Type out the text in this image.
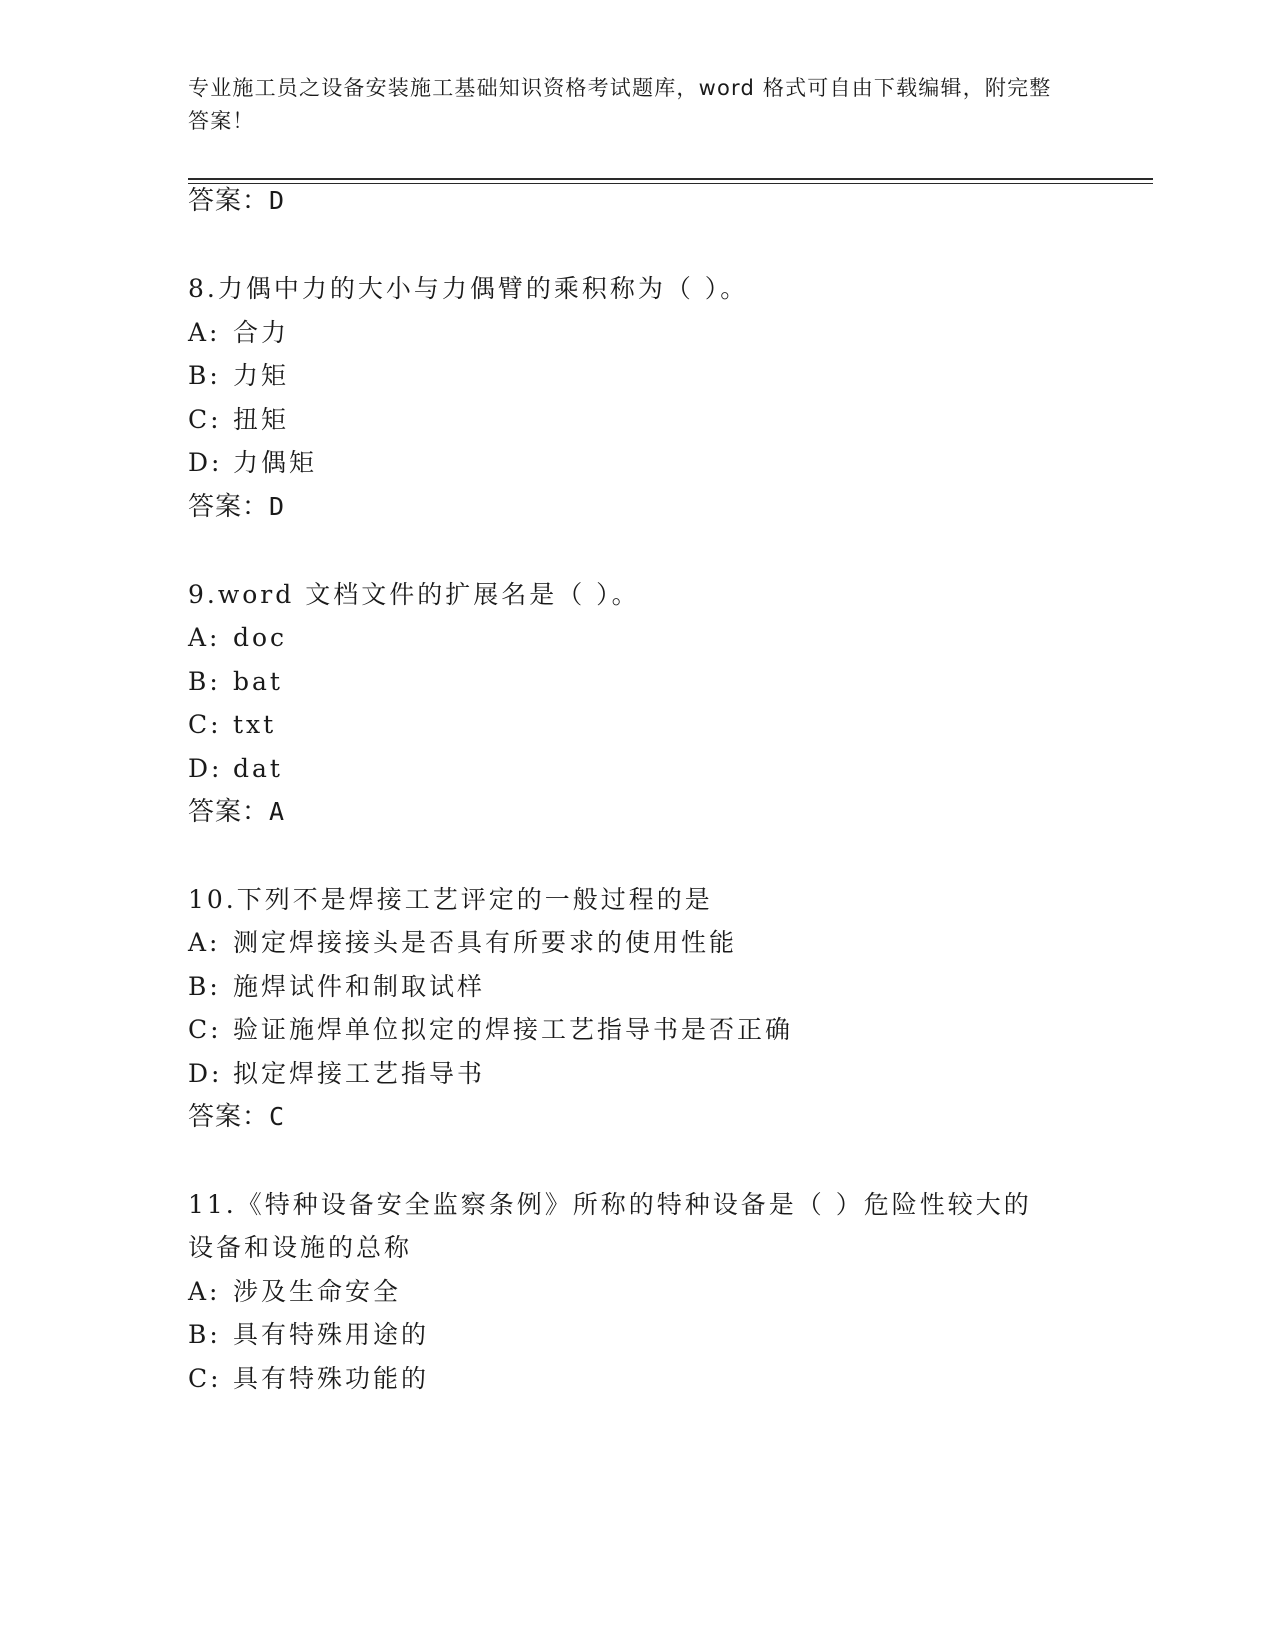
专业施工员之设备安装施工基础知识资格考试题库，word 格式可自由下载编辑，附完整答案！
答案：D
8.力偶中力的大小与力偶臂的乘积称为（ ）。
A: 合力
B: 力矩
C: 扭矩
D: 力偶矩
答案：D
9.word 文档文件的扩展名是（ ）。
A: doc
B: bat
C: txt
D: dat
答案：A
10.下列不是焊接工艺评定的一般过程的是
A: 测定焊接接头是否具有所要求的使用性能
B: 施焊试件和制取试样
C: 验证施焊单位拟定的焊接工艺指导书是否正确
D: 拟定焊接工艺指导书
答案：C
11.《特种设备安全监察条例》所称的特种设备是（ ）危险性较大的
设备和设施的总称
A: 涉及生命安全
B: 具有特殊用途的
C: 具有特殊功能的
